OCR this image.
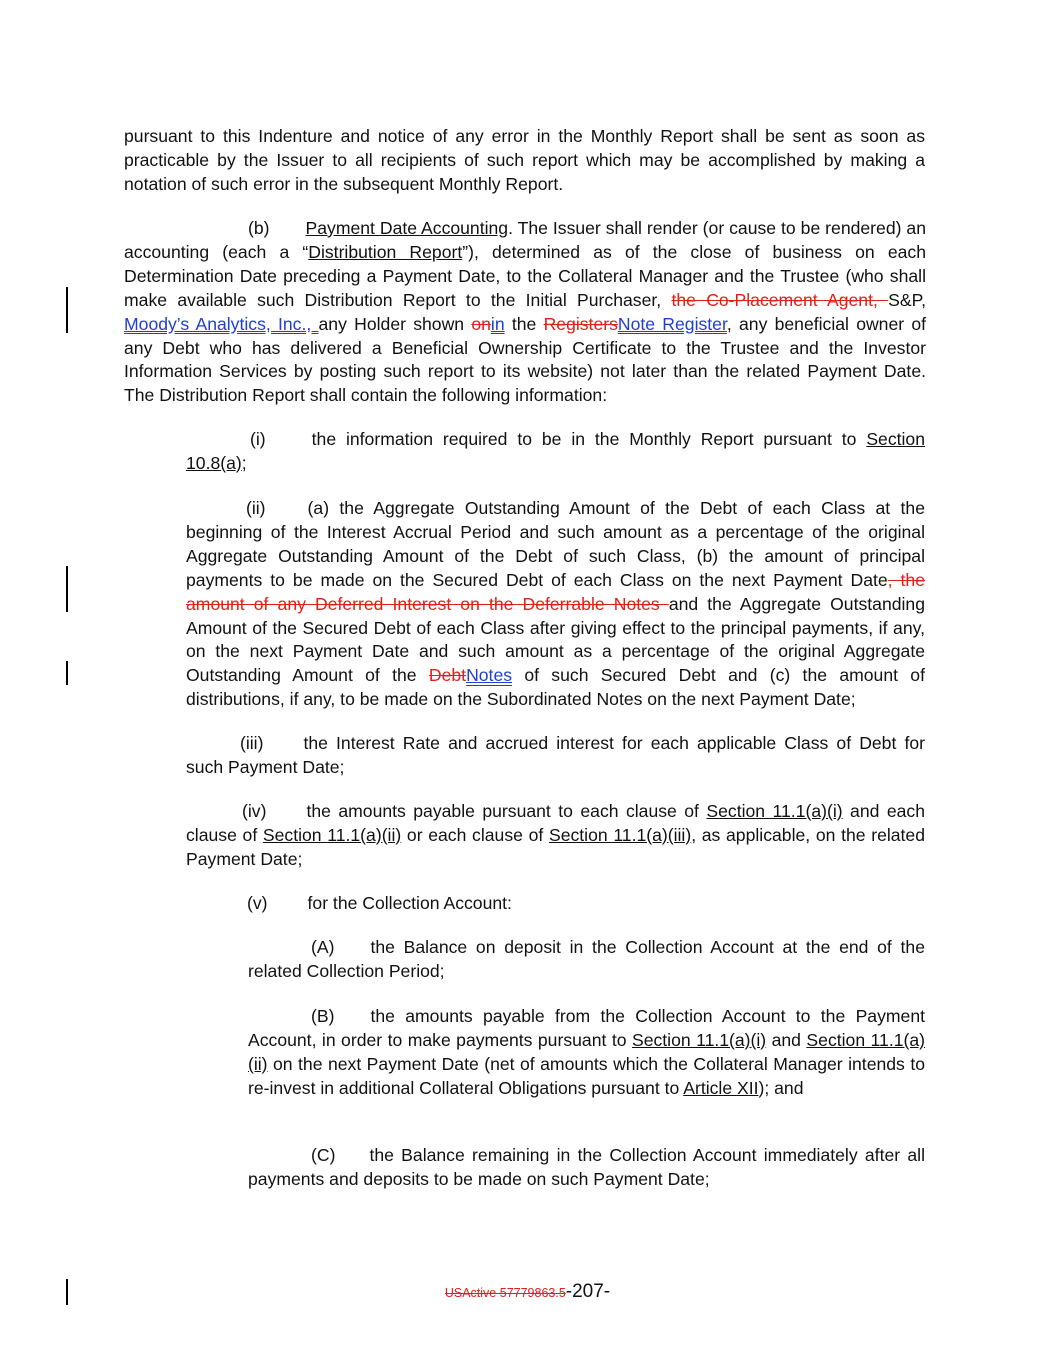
pursuant to this Indenture and notice of any error in the Monthly Report shall be sent as soon as practicable by the Issuer to all recipients of such report which may be accomplished by making a notation of such error in the subsequent Monthly Report.

(b) Payment Date Accounting. The Issuer shall render (or cause to be rendered) an accounting (each a “Distribution Report”), determined as of the close of business on each Determination Date preceding a Payment Date, to the Collateral Manager and the Trustee (who shall make available such Distribution Report to the Initial Purchaser, the Co-Placement Agent, S&P, Moody’s Analytics, Inc., any Holder shown onin the RegistersNote Register, any beneficial owner of any Debt who has delivered a Beneficial Ownership Certificate to the Trustee and the Investor Information Services by posting such report to its website) not later than the related Payment Date. The Distribution Report shall contain the following information:

(i)	the information required to be in the Monthly Report pursuant to Section 10.8(a);

(ii) (a) the Aggregate Outstanding Amount of the Debt of each Class at the beginning of the Interest Accrual Period and such amount as a percentage of the original Aggregate Outstanding Amount of the Debt of such Class, (b) the amount of principal payments to be made on the Secured Debt of each Class on the next Payment Date, the amount of any Deferred Interest on the Deferrable Notes and the Aggregate Outstanding Amount of the Secured Debt of each Class after giving effect to the principal payments, if any, on the next Payment Date and such amount as a percentage of the original Aggregate Outstanding Amount of the DebtNotes of such Secured Debt and (c) the amount of distributions, if any, to be made on the Subordinated Notes on the next Payment Date;

(iii) the Interest Rate and accrued interest for each applicable Class of Debt for such Payment Date;

(iv) the amounts payable pursuant to each clause of Section 11.1(a)(i) and each clause of Section 11.1(a)(ii) or each clause of Section 11.1(a)(iii), as applicable, on the related Payment Date;

(v) for the Collection Account:

(A) the Balance on deposit in the Collection Account at the end of the related Collection Period;

(B) the amounts payable from the Collection Account to the Payment Account, in order to make payments pursuant to Section 11.1(a)(i) and Section 11.1(a)(ii) on the next Payment Date (net of amounts which the Collateral Manager intends to re-invest in additional Collateral Obligations pursuant to Article XII); and

(C) the Balance remaining in the Collection Account immediately after all payments and deposits to be made on such Payment Date;

USActive 57779863.5-207-
